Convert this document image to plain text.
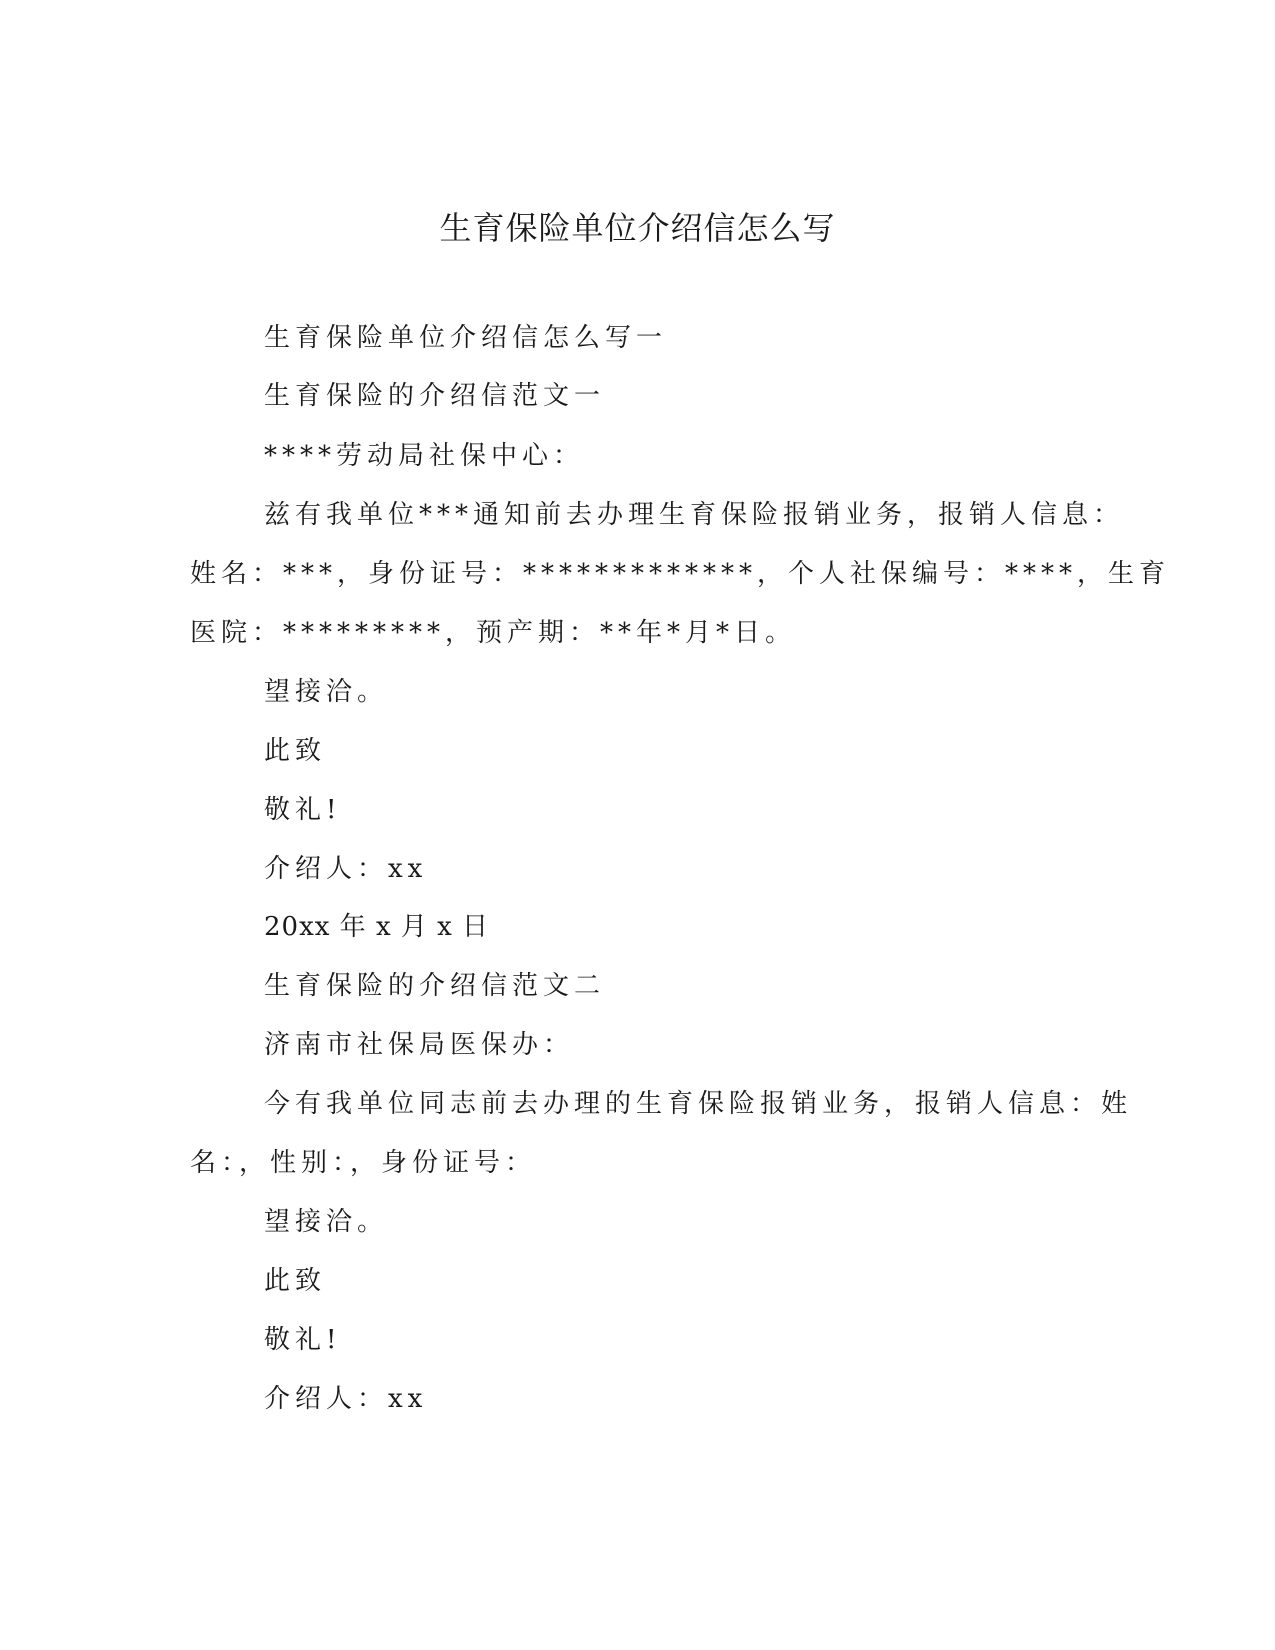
生育保险单位介绍信怎么写

生育保险单位介绍信怎么写一

生育保险的介绍信范文一

****劳动局社保中心：

兹有我单位***通知前去办理生育保险报销业务，报销人信息：

姓名：***，身份证号：*************，个人社保编号：****，生育

医院：*********，预产期：**年*月*日。

望接洽。

此致

敬礼!

介绍人：xx

20xx 年 x 月 x 日

生育保险的介绍信范文二

济南市社保局医保办：

今有我单位同志前去办理的生育保险报销业务，报销人信息：姓

名：，性别：，身份证号：

望接洽。

此致

敬礼!

介绍人：xx
